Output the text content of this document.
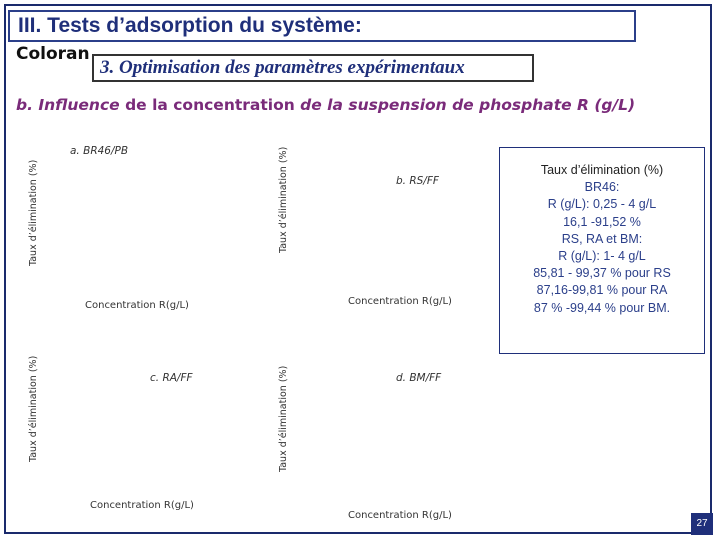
III. Tests d’adsorption du système:
Coloran
3. Optimisation des paramètres expérimentaux
b. Influence de la concentration de la suspension de phosphate R (g/L)
Taux d’élimination (%)
a. BR46/PB
Concentration R(g/L)
Taux d’élimination (%)	b. RS/FF
Concentration R(g/L)
Taux d’élimination (%)	c. RA/FF
Concentration R(g/L)
Taux d’élimination (%)	d. BM/FF
Concentration R(g/L)
Taux d’élimination (%)
BR46:
R (g/L): 0,25 - 4 g/L
16,1 -91,52 %
RS, RA et BM:
R (g/L): 1- 4 g/L
85,81 - 99,37 % pour RS
87,16-99,81 % pour RA
87 % -99,44 % pour BM.
27
